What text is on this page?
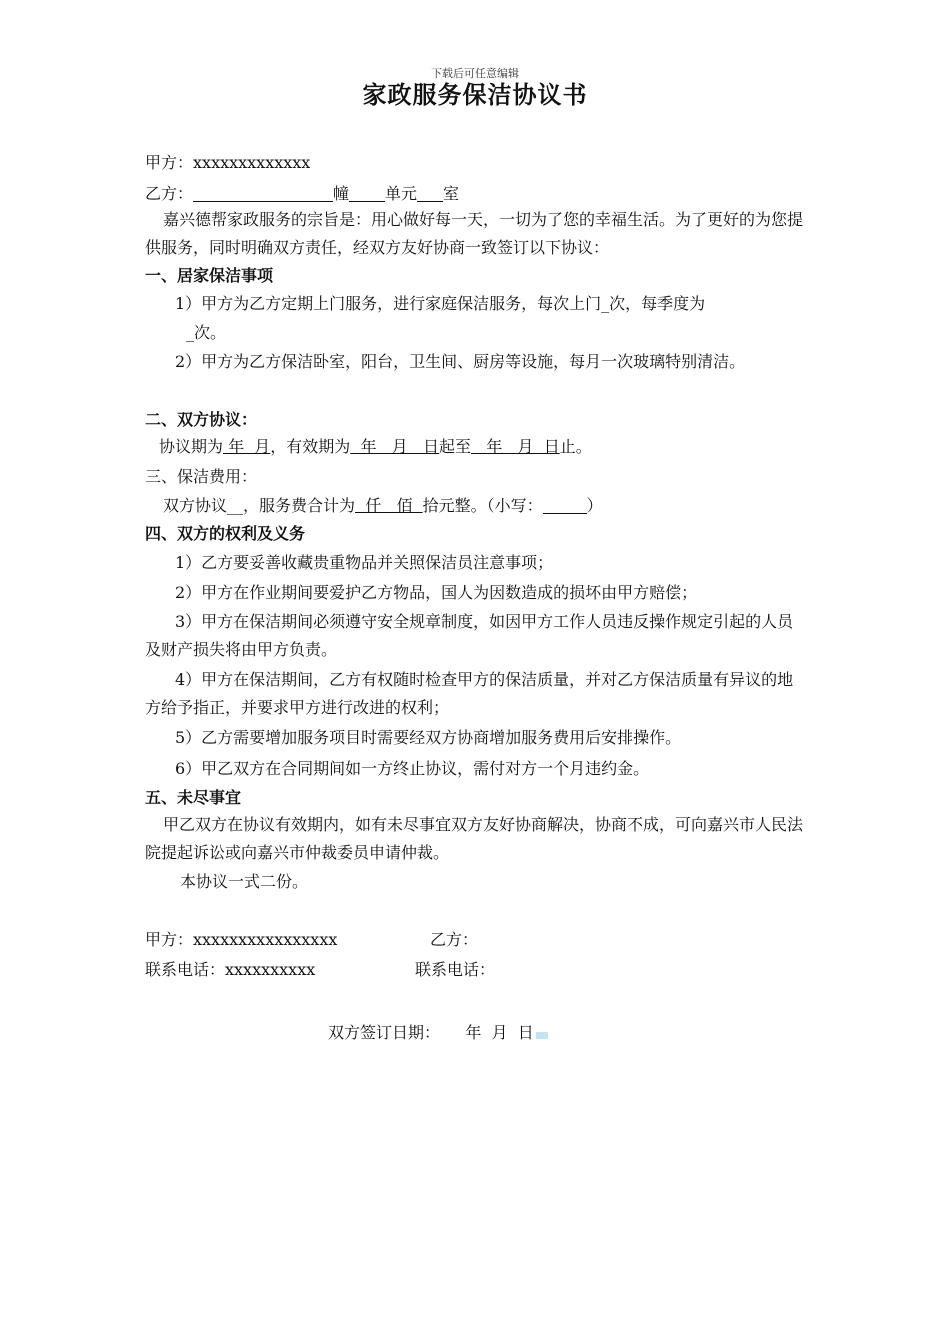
下载后可任意编辑
家政服务保洁协议书
甲方：xxxxxxxxxxxxx
乙方：	幢 单元 室
嘉兴德帮家政服务的宗旨是：用心做好每一天，一切为了您的幸福生活。为了更好的为您提供服务，同时明确双方责任，经双方友好协商一致签订以下协议：
一、居家保洁事项
1）甲方为乙方定期上门服务，进行家庭保洁服务，每次上门_次，每季度为
_次。
2）甲方为乙方保洁卧室，阳台，卫生间、厨房等设施，每月一次玻璃特别清洁。
二、双方协议：
协议期为 年  月，有效期为  年   月   日起至   年   月  日止。
三、保洁费用：
双方协议__，服务费合计为  仟   佰  拾元整。（小写：	）
四、双方的权利及义务
1）乙方要妥善收藏贵重物品并关照保洁员注意事项；
2）甲方在作业期间要爱护乙方物品，国人为因数造成的损坏由甲方赔偿；
3）甲方在保洁期间必须遵守安全规章制度，如因甲方工作人员违反操作规定引起的人员及财产损失将由甲方负责。
4）甲方在保洁期间，乙方有权随时检查甲方的保洁质量，并对乙方保洁质量有异议的地方给予指正，并要求甲方进行改进的权利；
5）乙方需要增加服务项目时需要经双方协商增加服务费用后安排操作。
6）甲乙双方在合同期间如一方终止协议，需付对方一个月违约金。
五、未尽事宜
甲乙双方在协议有效期内，如有未尽事宜双方友好协商解决，协商不成，可向嘉兴市人民法院提起诉讼或向嘉兴市仲裁委员申请仲裁。
本协议一式二份。
甲方：xxxxxxxxxxxxxxxx	乙方：
联系电话：xxxxxxxxxx	联系电话：
双方签订日期：     年  月  日
